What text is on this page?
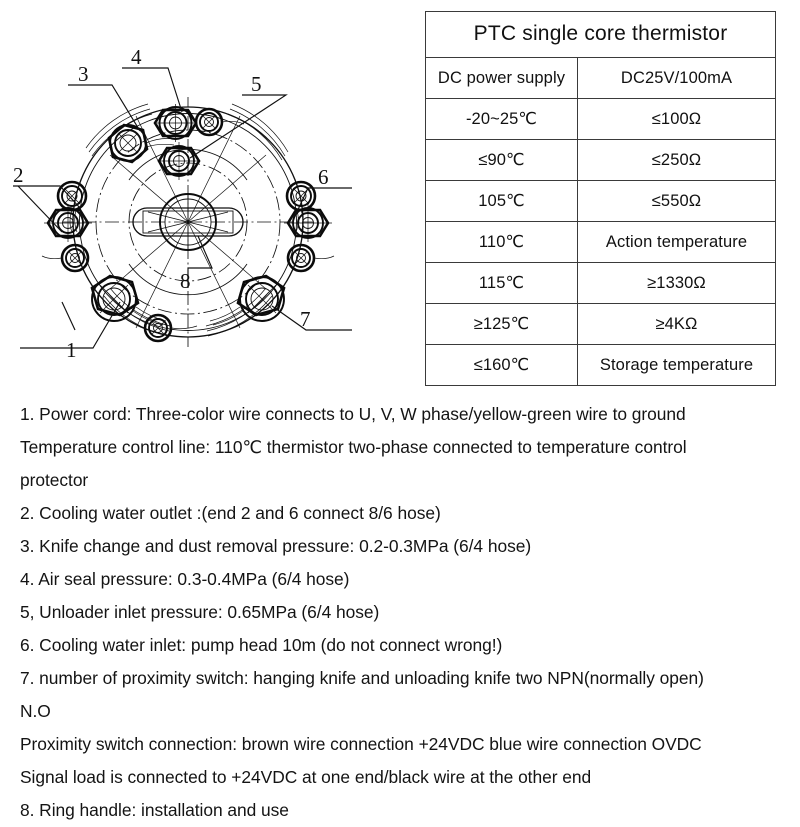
1
2
3
4
5
6
7
8
PTC single core thermistor	
DC power supply	DC25V/100mA
-20~25℃	≤100Ω
≤90℃	≤250Ω
105℃	≤550Ω
110℃	Action temperature
115℃	≥1330Ω
≥125℃	≥4KΩ
≤160℃	Storage temperature
1. Power cord: Three-color wire connects to U, V, W phase/yellow-green wire to ground
Temperature control line: 110℃ thermistor two-phase connected to temperature control
protector
2. Cooling water outlet :(end 2 and 6 connect 8/6 hose)
3. Knife change and dust removal pressure: 0.2-0.3MPa (6/4 hose)
4. Air seal pressure: 0.3-0.4MPa (6/4 hose)
5, Unloader inlet pressure: 0.65MPa (6/4 hose)
6. Cooling water inlet: pump head 10m (do not connect wrong!)
7. number of proximity switch: hanging knife and unloading knife two NPN(normally open)
N.O
Proximity switch connection: brown wire connection +24VDC blue wire connection OVDC
Signal load is connected to +24VDC at one end/black wire at the other end
8. Ring handle: installation and use
